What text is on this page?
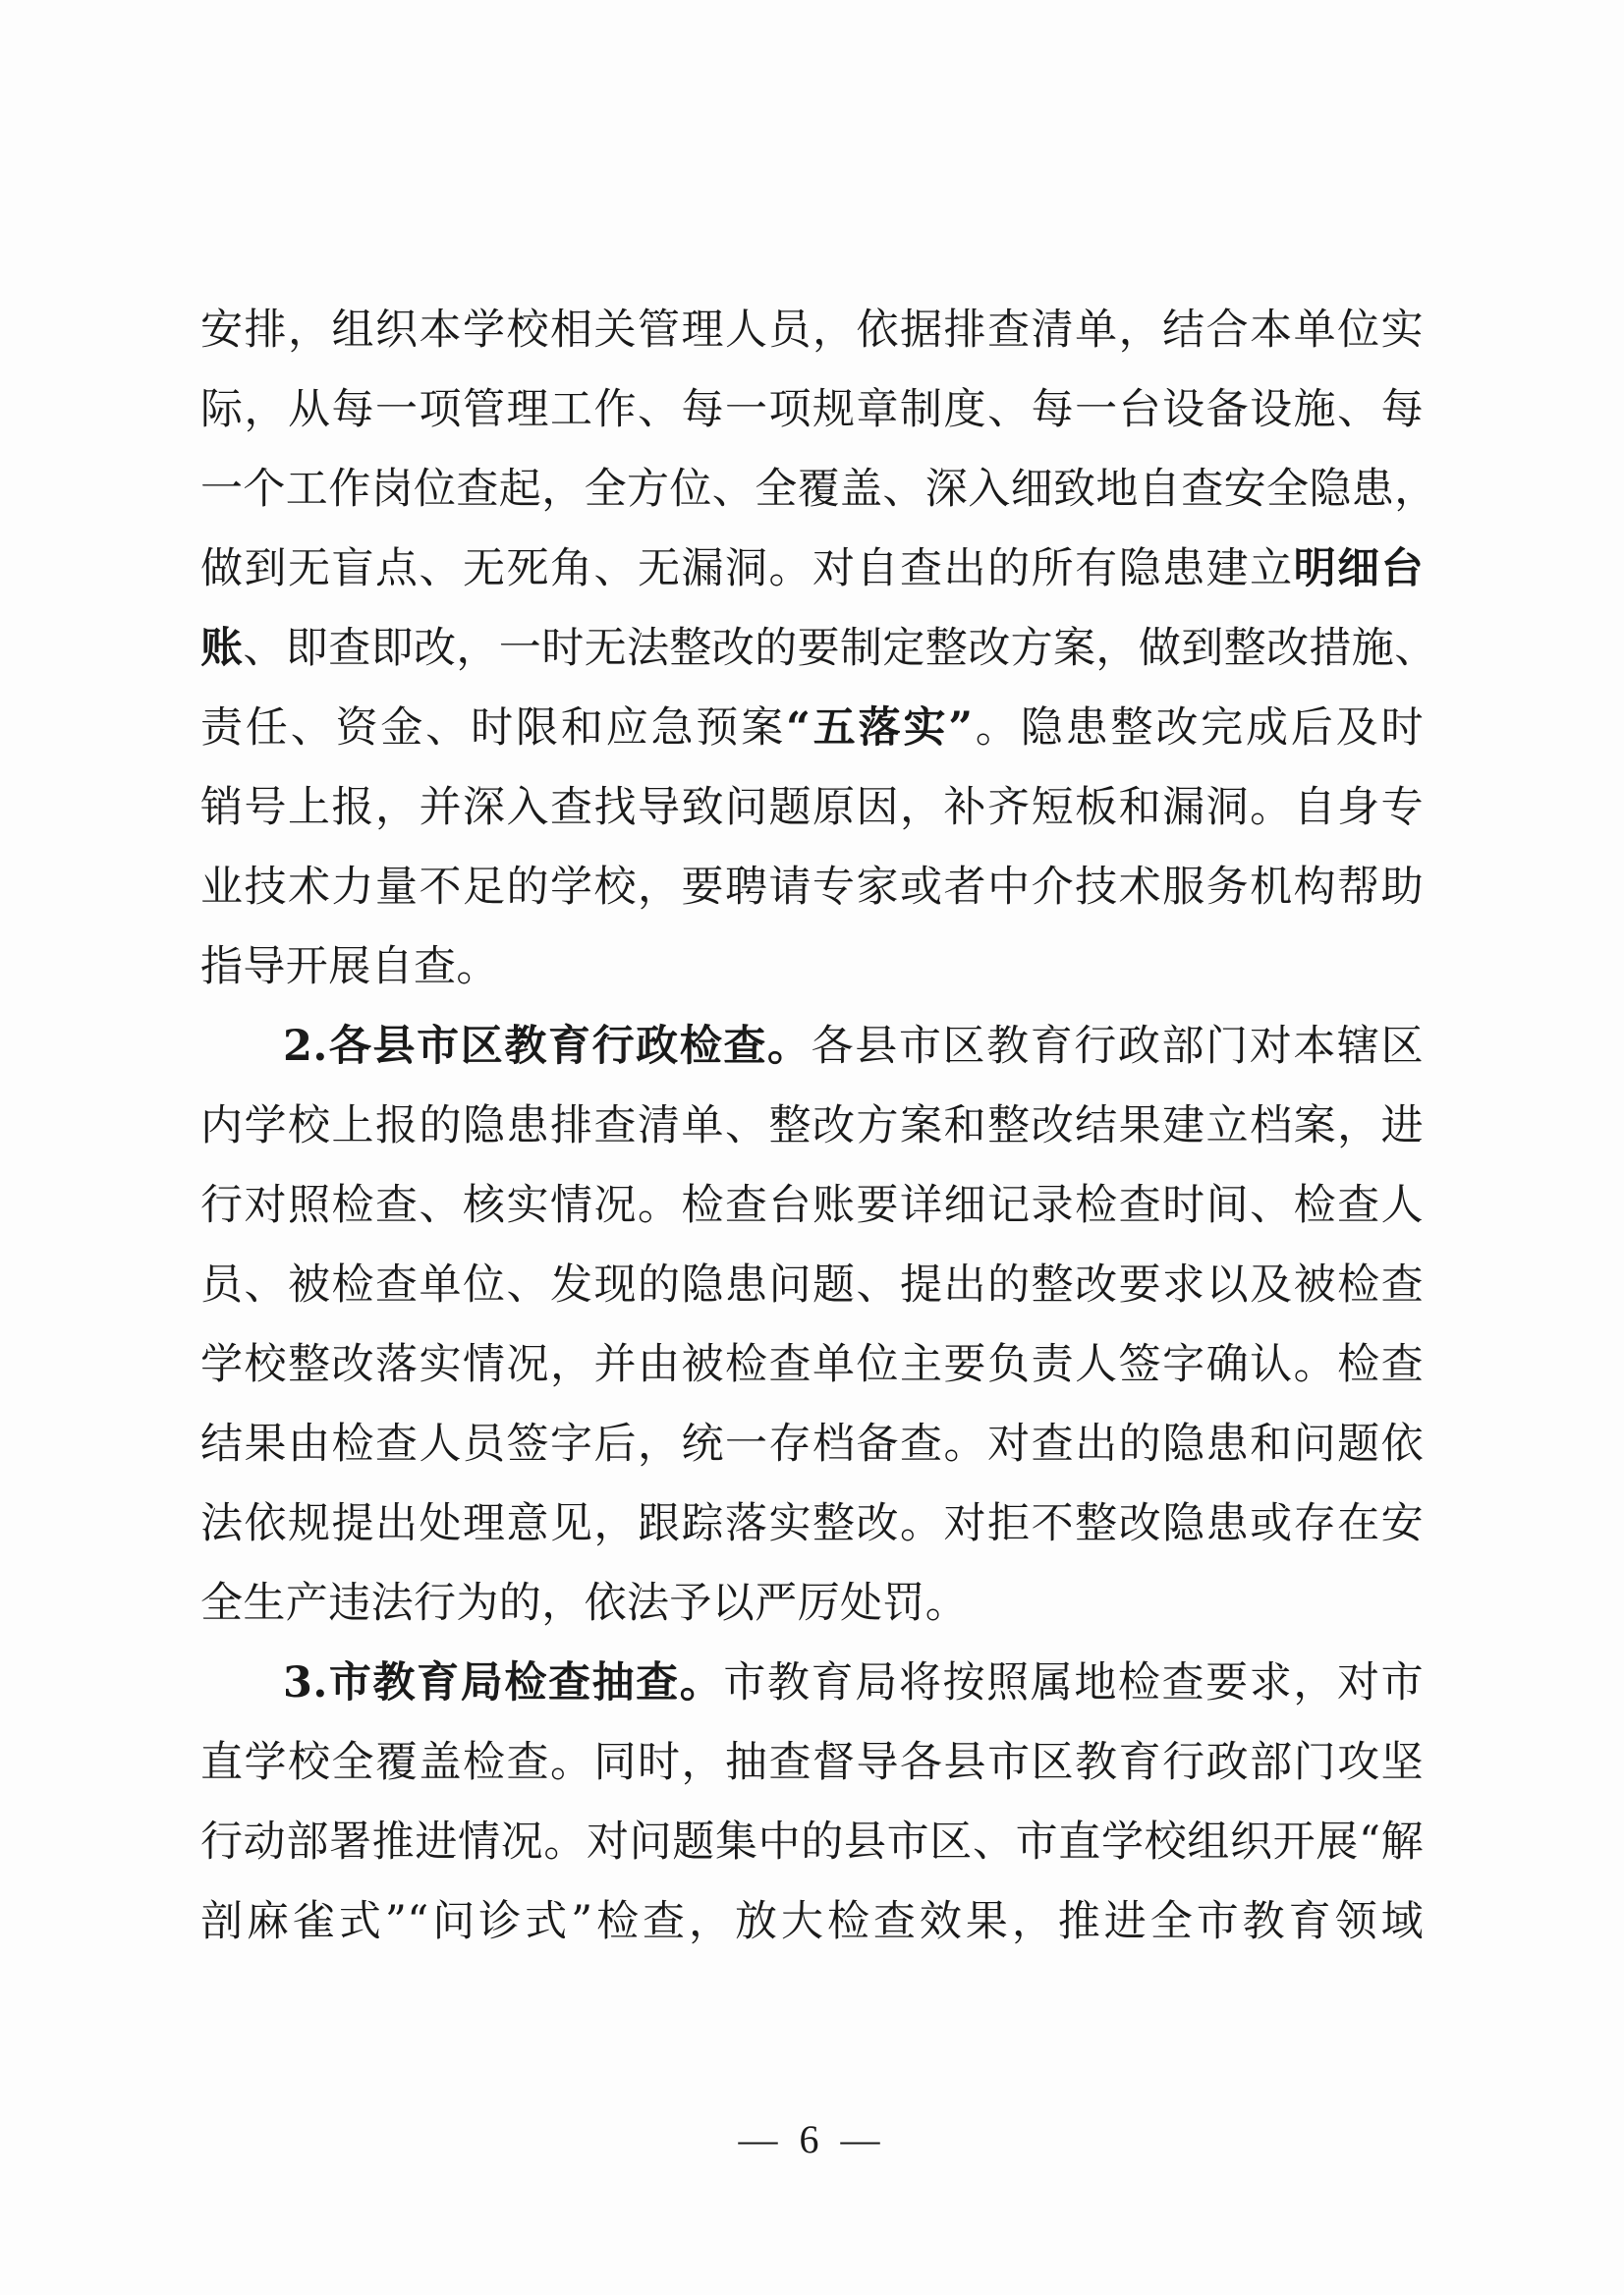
安排，组织本学校相关管理人员，依据排查清单，结合本单位实
际，从每一项管理工作、每一项规章制度、每一台设备设施、每
一个工作岗位查起，全方位、全覆盖、深入细致地自查安全隐患，
做到无盲点、无死角、无漏洞。对自查出的所有隐患建立明细台
账、即查即改，一时无法整改的要制定整改方案，做到整改措施、
责任、资金、时限和应急预案“五落实”。隐患整改完成后及时
销号上报，并深入查找导致问题原因，补齐短板和漏洞。自身专
业技术力量不足的学校，要聘请专家或者中介技术服务机构帮助
指导开展自查。
2.各县市区教育行政检查。各县市区教育行政部门对本辖区
内学校上报的隐患排查清单、整改方案和整改结果建立档案，进
行对照检查、核实情况。检查台账要详细记录检查时间、检查人
员、被检查单位、发现的隐患问题、提出的整改要求以及被检查
学校整改落实情况，并由被检查单位主要负责人签字确认。检查
结果由检查人员签字后，统一存档备查。对查出的隐患和问题依
法依规提出处理意见，跟踪落实整改。对拒不整改隐患或存在安
全生产违法行为的，依法予以严厉处罚。
3.市教育局检查抽查。市教育局将按照属地检查要求，对市
直学校全覆盖检查。同时，抽查督导各县市区教育行政部门攻坚
行动部署推进情况。对问题集中的县市区、市直学校组织开展“解
剖麻雀式”“问诊式”检查，放大检查效果，推进全市教育领域
— 6 —
